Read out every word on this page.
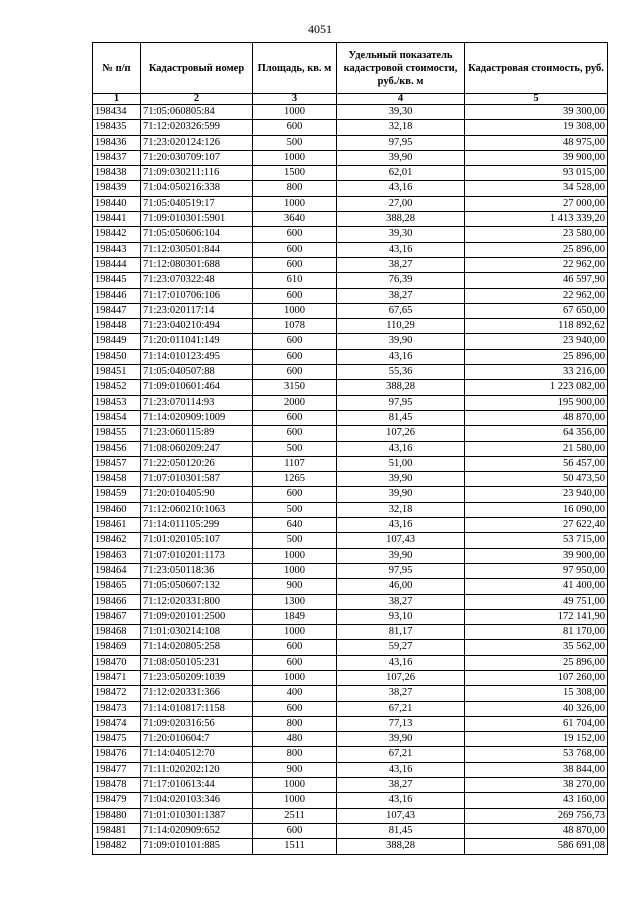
4051
№ п/п	Кадастровый номер	Площадь, кв. м	Удельный показатель кадастровой стоимости, руб./кв. м	Кадастровая стоимость, руб.
1	2	3	4	5
198434	71:05:060805:84	1000	39,30	39 300,00
198435	71:12:020326:599	600	32,18	19 308,00
198436	71:23:020124:126	500	97,95	48 975,00
198437	71:20:030709:107	1000	39,90	39 900,00
198438	71:09:030211:116	1500	62,01	93 015,00
198439	71:04:050216:338	800	43,16	34 528,00
198440	71:05:040519:17	1000	27,00	27 000,00
198441	71:09:010301:5901	3640	388,28	1 413 339,20
198442	71:05:050606:104	600	39,30	23 580,00
198443	71:12:030501:844	600	43,16	25 896,00
198444	71:12:080301:688	600	38,27	22 962,00
198445	71:23:070322:48	610	76,39	46 597,90
198446	71:17:010706:106	600	38,27	22 962,00
198447	71:23:020117:14	1000	67,65	67 650,00
198448	71:23:040210:494	1078	110,29	118 892,62
198449	71:20:011041:149	600	39,90	23 940,00
198450	71:14:010123:495	600	43,16	25 896,00
198451	71:05:040507:88	600	55,36	33 216,00
198452	71:09:010601:464	3150	388,28	1 223 082,00
198453	71:23:070114:93	2000	97,95	195 900,00
198454	71:14:020909:1009	600	81,45	48 870,00
198455	71:23:060115:89	600	107,26	64 356,00
198456	71:08:060209:247	500	43,16	21 580,00
198457	71:22:050120:26	1107	51,00	56 457,00
198458	71:07:010301:587	1265	39,90	50 473,50
198459	71:20:010405:90	600	39,90	23 940,00
198460	71:12:060210:1063	500	32,18	16 090,00
198461	71:14:011105:299	640	43,16	27 622,40
198462	71:01:020105:107	500	107,43	53 715,00
198463	71:07:010201:1173	1000	39,90	39 900,00
198464	71:23:050118:36	1000	97,95	97 950,00
198465	71:05:050607:132	900	46,00	41 400,00
198466	71:12:020331:800	1300	38,27	49 751,00
198467	71:09:020101:2500	1849	93,10	172 141,90
198468	71:01:030214:108	1000	81,17	81 170,00
198469	71:14:020805:258	600	59,27	35 562,00
198470	71:08:050105:231	600	43,16	25 896,00
198471	71:23:050209:1039	1000	107,26	107 260,00
198472	71:12:020331:366	400	38,27	15 308,00
198473	71:14:010817:1158	600	67,21	40 326,00
198474	71:09:020316:56	800	77,13	61 704,00
198475	71:20:010604:7	480	39,90	19 152,00
198476	71:14:040512:70	800	67,21	53 768,00
198477	71:11:020202:120	900	43,16	38 844,00
198478	71:17:010613:44	1000	38,27	38 270,00
198479	71:04:020103:346	1000	43,16	43 160,00
198480	71:01:010301:1387	2511	107,43	269 756,73
198481	71:14:020909:652	600	81,45	48 870,00
198482	71:09:010101:885	1511	388,28	586 691,08
